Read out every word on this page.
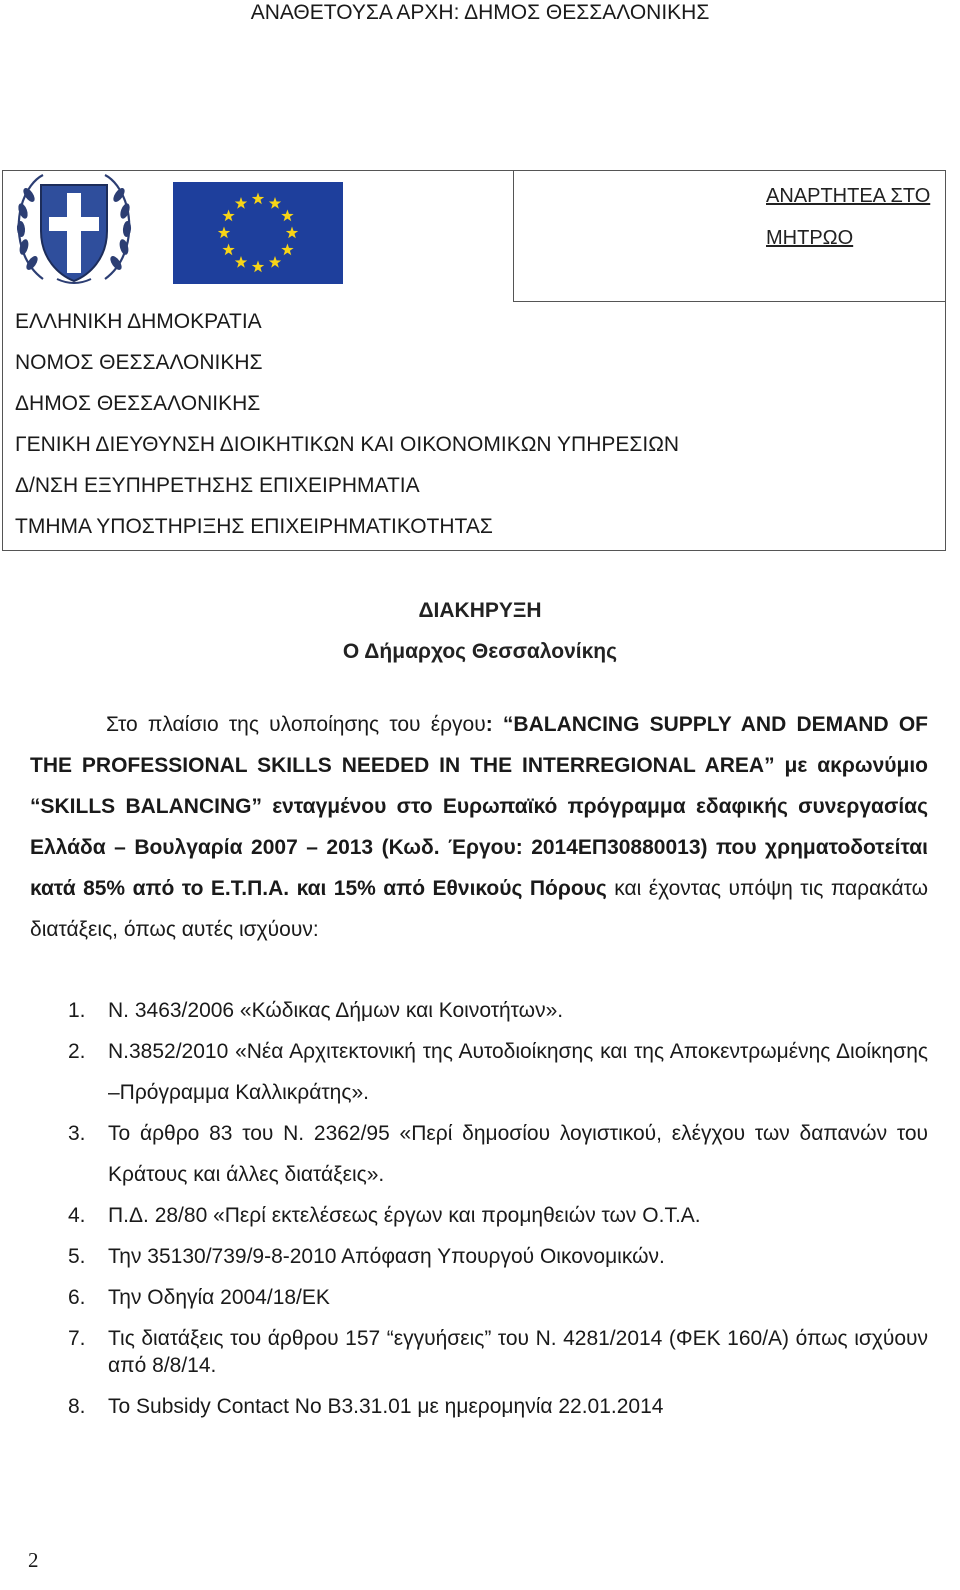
ΑΝΑΘΕΤΟΥΣΑ ΑΡΧΗ: ΔΗΜΟΣ ΘΕΣΣΑΛΟΝΙΚΗΣ
ΑΝΑΡΤΗΤΕΑ ΣΤΟ
ΜΗΤΡΩΟ
ΕΛΛΗΝΙΚΗ ΔΗΜΟΚΡΑΤΙΑ
ΝΟΜΟΣ ΘΕΣΣΑΛΟΝΙΚΗΣ
ΔΗΜΟΣ ΘΕΣΣΑΛΟΝΙΚΗΣ
ΓΕΝΙΚΗ ΔΙΕΥΘΥΝΣΗ ΔΙΟΙΚΗΤΙΚΩΝ ΚΑΙ ΟΙΚΟΝΟΜΙΚΩΝ ΥΠΗΡΕΣΙΩΝ
Δ/ΝΣΗ ΕΞΥΠΗΡΕΤΗΣΗΣ ΕΠΙΧΕΙΡΗΜΑΤΙΑ
ΤΜΗΜΑ ΥΠΟΣΤΗΡΙΞΗΣ ΕΠΙΧΕΙΡΗΜΑΤΙΚΟΤΗΤΑΣ
ΔΙΑΚΗΡΥΞΗ
Ο Δήμαρχος Θεσσαλονίκης

Στο πλαίσιο της υλοποίησης του έργου: “BALANCING SUPPLY AND DEMAND OF THE PROFESSIONAL SKILLS NEEDED IN THE INTERREGIONAL AREA” με ακρωνύμιο “SKILLS BALANCING” ενταγμένου στο Ευρωπαϊκό πρόγραμμα εδαφικής συνεργασίας Ελλάδα – Βουλγαρία 2007 – 2013 (Κωδ. Έργου: 2014ΕΠ30880013) που χρηματοδοτείται κατά 85% από το Ε.Τ.Π.Α. και 15% από Εθνικούς Πόρους και έχοντας υπόψη τις παρακάτω διατάξεις, όπως αυτές ισχύουν:

1. Ν. 3463/2006 «Κώδικας Δήμων και Κοινοτήτων».
2. Ν.3852/2010 «Νέα Αρχιτεκτονική της Αυτοδιοίκησης και της Αποκεντρωμένης Διοίκησης –Πρόγραμμα Καλλικράτης».
3. Το άρθρο 83 του Ν. 2362/95 «Περί δημοσίου λογιστικού, ελέγχου των δαπανών του Κράτους και άλλες διατάξεις».
4. Π.Δ. 28/80 «Περί εκτελέσεως έργων και προμηθειών των Ο.Τ.Α.
5. Την 35130/739/9-8-2010 Απόφαση Υπουργού Οικονομικών.
6. Την Οδηγία 2004/18/ΕΚ
7. Τις διατάξεις του άρθρου 157 “εγγυήσεις” του Ν. 4281/2014 (ΦΕΚ 160/Α) όπως ισχύουν από 8/8/14.
8. Το Subsidy Contact No B3.31.01 με ημερομηνία 22.01.2014
2
